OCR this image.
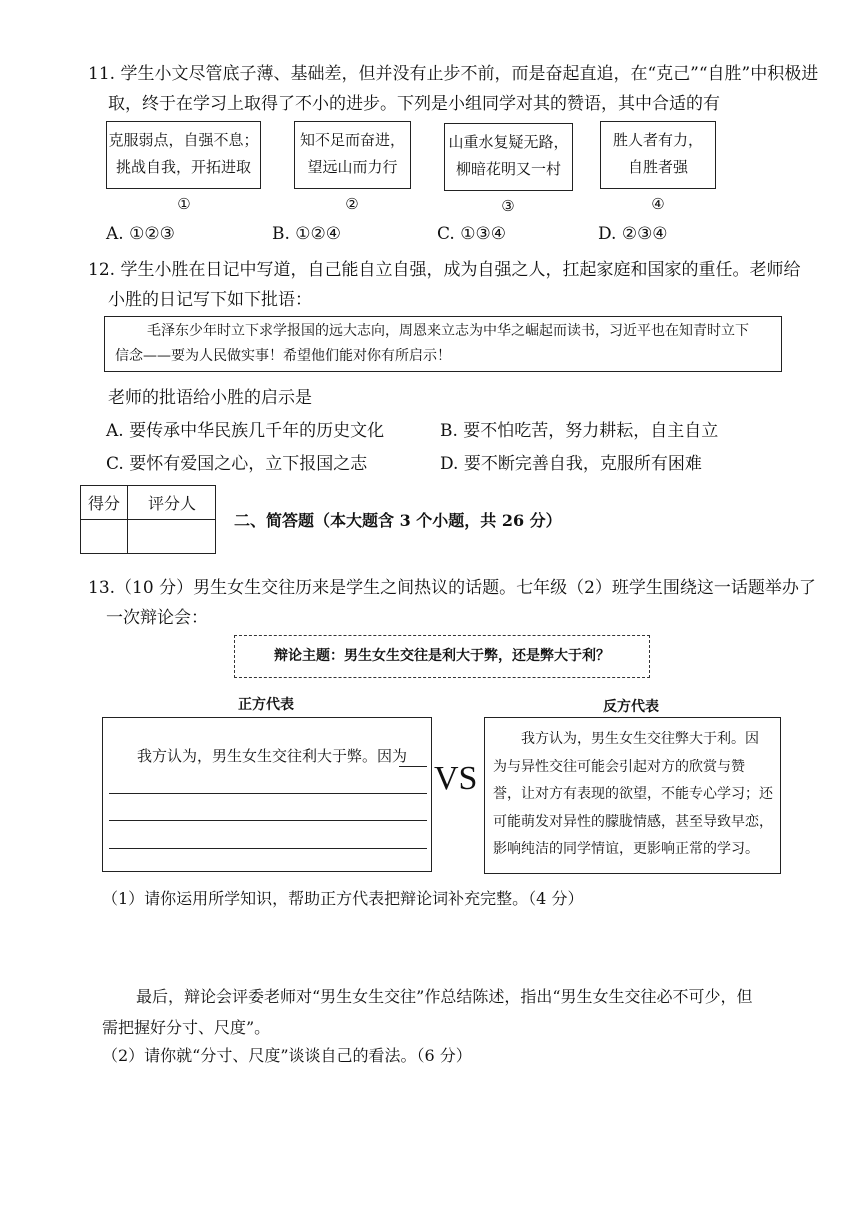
11. 学生小文尽管底子薄、基础差，但并没有止步不前，而是奋起直追，在“克己”“自胜”中积极进
取，终于在学习上取得了不小的进步。下列是小组同学对其的赞语，其中合适的有
克服弱点，自强不息；
挑战自我，开拓进取
知不足而奋进，
望远山而力行
山重水复疑无路，
柳暗花明又一村
胜人者有力，
自胜者强
①	②	③	④
A. ①②③	B. ①②④	C. ①③④	D. ②③④
12. 学生小胜在日记中写道，自己能自立自强，成为自强之人，扛起家庭和国家的重任。老师给
小胜的日记写下如下批语：
毛泽东少年时立下求学报国的远大志向，周恩来立志为中华之崛起而读书，习近平也在知青时立下
信念——要为人民做实事！希望他们能对你有所启示！
老师的批语给小胜的启示是
A. 要传承中华民族几千年的历史文化	B. 要不怕吃苦，努力耕耘，自主自立
C. 要怀有爱国之心，立下报国之志	D. 要不断完善自我，克服所有困难
得分	评分人
二、简答题（本大题含 3 个小题，共 26 分）
13.（10 分）男生女生交往历来是学生之间热议的话题。七年级（2）班学生围绕这一话题举办了
一次辩论会：
辩论主题：男生女生交往是利大于弊，还是弊大于利？
正方代表	反方代表
我方认为，男生女生交往利大于弊。因为
VS
我方认为，男生女生交往弊大于利。因
为与异性交往可能会引起对方的欣赏与赞
誉，让对方有表现的欲望，不能专心学习；还
可能萌发对异性的朦胧情感，甚至导致早恋，
影响纯洁的同学情谊，更影响正常的学习。
（1）请你运用所学知识，帮助正方代表把辩论词补充完整。（4 分）
最后，辩论会评委老师对“男生女生交往”作总结陈述，指出“男生女生交往必不可少，但
需把握好分寸、尺度”。
（2）请你就“分寸、尺度”谈谈自己的看法。（6 分）
